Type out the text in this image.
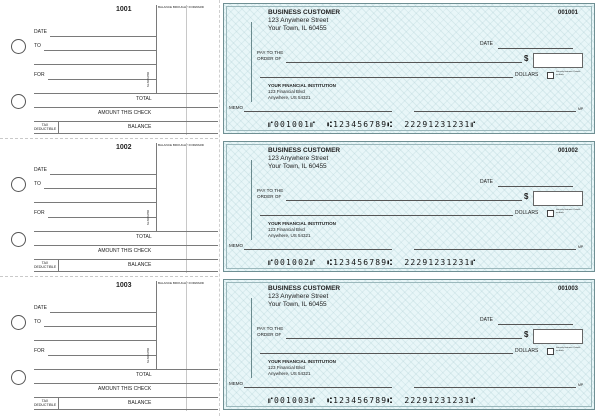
1001	BALANCE BROUGHT FORWARD
DATE
TO
FOR	DEPOSITS
TOTAL
AMOUNT THIS CHECK
TAX DEDUCTIBLE	BALANCE
BUSINESS CUSTOMER
123 Anywhere Street
Your Town, IL 60455
001001
DATE
PAY TO THE ORDER OF	$
DOLLARS	Security features. Details on back.
YOUR FINANCIAL INSTITUTION
123 Financial Blvd
Anywhere, US 54321
MEMO	MP
⑈001001⑈ ⑆123456789⑆ 22291231231⑈
1002	BALANCE BROUGHT FORWARD
DATE
TO
FOR	DEPOSITS
TOTAL
AMOUNT THIS CHECK
TAX DEDUCTIBLE	BALANCE
BUSINESS CUSTOMER
123 Anywhere Street
Your Town, IL 60455
001002
DATE
PAY TO THE ORDER OF	$
DOLLARS	Security features. Details on back.
YOUR FINANCIAL INSTITUTION
123 Financial Blvd
Anywhere, US 54321
MEMO	MP
⑈001002⑈ ⑆123456789⑆ 22291231231⑈
1003	BALANCE BROUGHT FORWARD
DATE
TO
FOR	DEPOSITS
TOTAL
AMOUNT THIS CHECK
TAX DEDUCTIBLE	BALANCE
BUSINESS CUSTOMER
123 Anywhere Street
Your Town, IL 60455
001003
DATE
PAY TO THE ORDER OF	$
DOLLARS	Security features. Details on back.
YOUR FINANCIAL INSTITUTION
123 Financial Blvd
Anywhere, US 54321
MEMO	MP
⑈001003⑈ ⑆123456789⑆ 22291231231⑈
